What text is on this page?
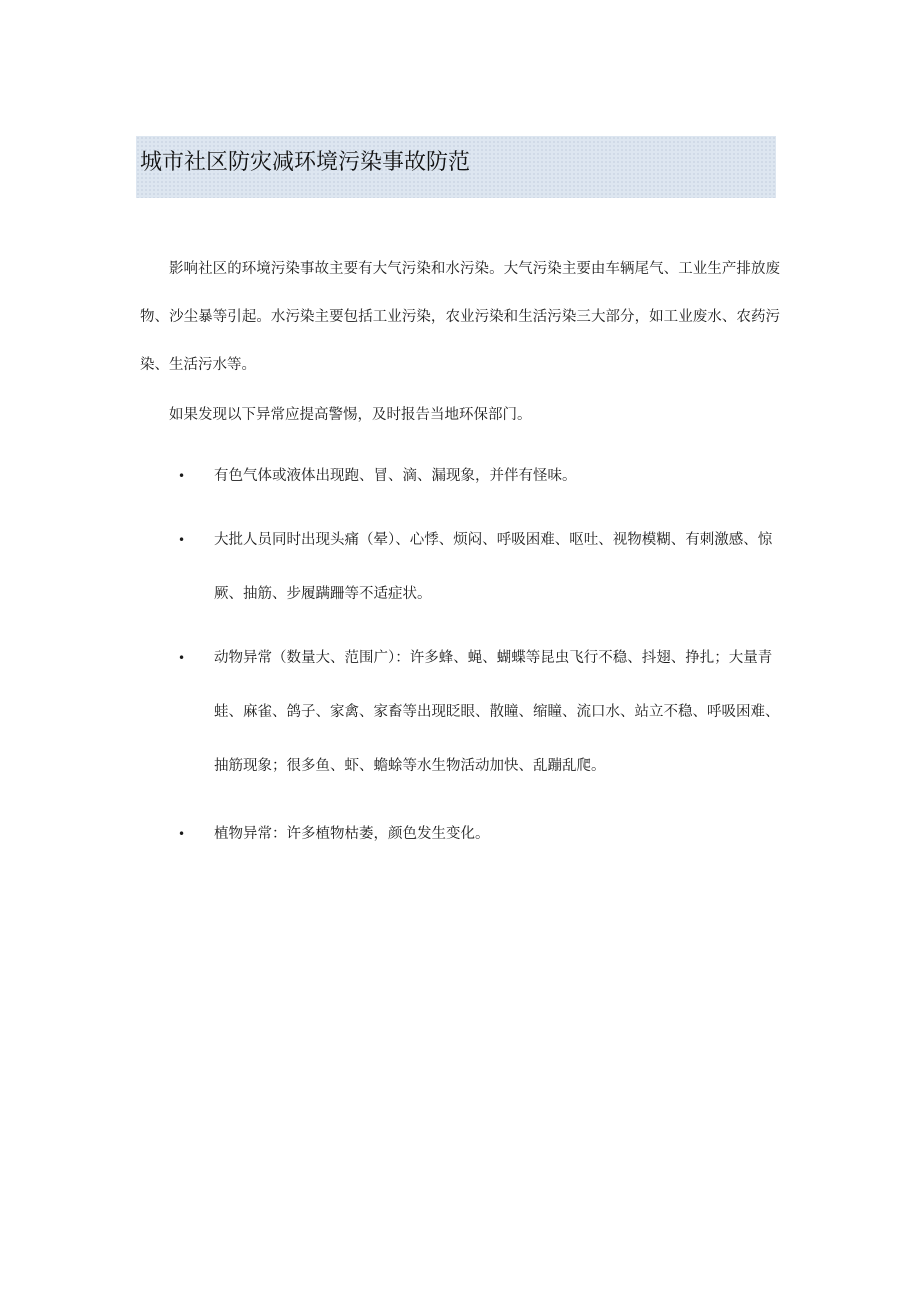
城市社区防灾减环境污染事故防范

影响社区的环境污染事故主要有大气污染和水污染。大气污染主要由车辆尾气、工业生产排放废物、沙尘暴等引起。水污染主要包括工业污染，农业污染和生活污染三大部分，如工业废水、农药污染、生活污水等。

如果发现以下异常应提高警惕，及时报告当地环保部门。

• 有色气体或液体出现跑、冒、滴、漏现象，并伴有怪味。
• 大批人员同时出现头痛（晕）、心悸、烦闷、呼吸困难、呕吐、视物模糊、有刺激感、惊厥、抽筋、步履蹒跚等不适症状。
• 动物异常（数量大、范围广）：许多蜂、蝇、蝴蝶等昆虫飞行不稳、抖翅、挣扎；大量青蛙、麻雀、鸽子、家禽、家畜等出现眨眼、散瞳、缩瞳、流口水、站立不稳、呼吸困难、抽筋现象；很多鱼、虾、蟾蜍等水生物活动加快、乱蹦乱爬。
• 植物异常：许多植物枯萎，颜色发生变化。
